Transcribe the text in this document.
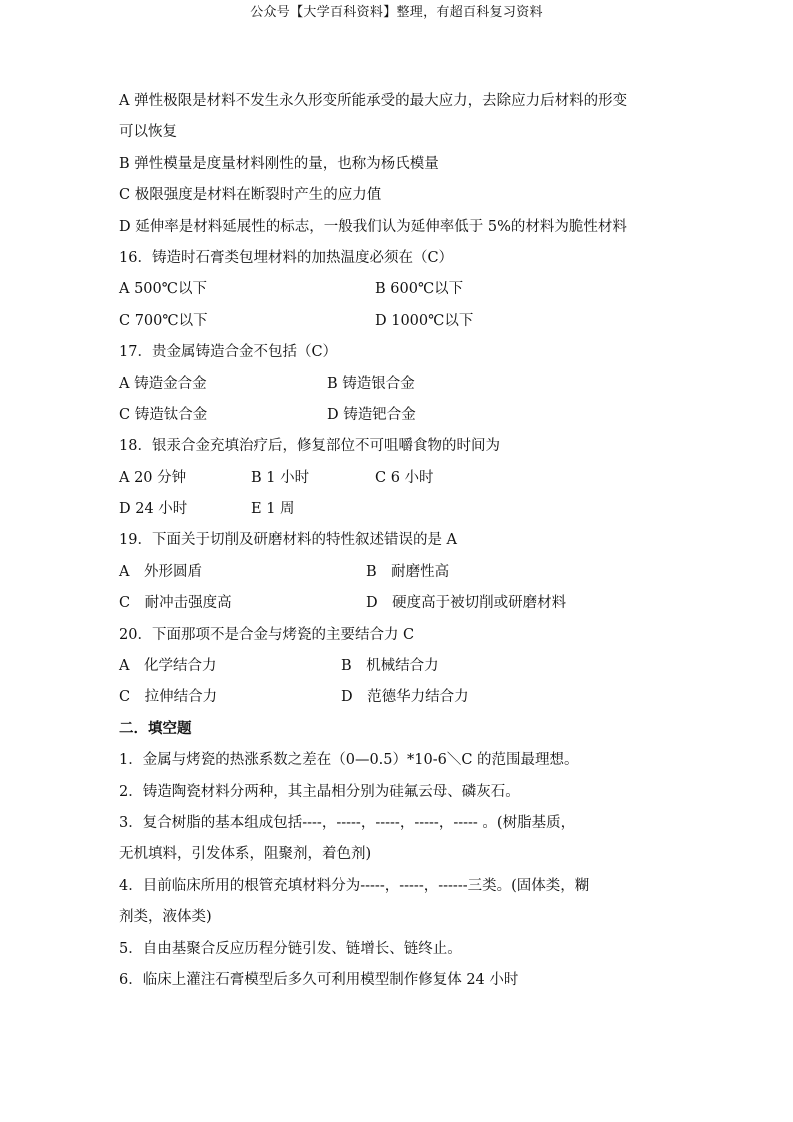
公众号【大学百科资料】整理，有超百科复习资料
A 弹性极限是材料不发生永久形变所能承受的最大应力，去除应力后材料的形变
可以恢复
B 弹性模量是度量材料刚性的量，也称为杨氏模量
C 极限强度是材料在断裂时产生的应力值
D 延伸率是材料延展性的标志，一般我们认为延伸率低于 5%的材料为脆性材料
16．铸造时石膏类包埋材料的加热温度必须在（C）
A 500℃以下	B 600℃以下
C 700℃以下	D 1000℃以下
17．贵金属铸造合金不包括（C）
A 铸造金合金	B 铸造银合金
C 铸造钛合金	D 铸造钯合金
18．银汞合金充填治疗后，修复部位不可咀嚼食物的时间为
A 20 分钟	B 1 小时	C 6 小时
D 24 小时	E 1 周
19．下面关于切削及研磨材料的特性叙述错误的是 A
A　外形圆盾	B　耐磨性高
C　耐冲击强度高	D　硬度高于被切削或研磨材料
20．下面那项不是合金与烤瓷的主要结合力 C
A　化学结合力	B　机械结合力
C　拉伸结合力	D　范德华力结合力
二．填空题
1．金属与烤瓷的热涨系数之差在（0—0.5）*10-6＼C 的范围最理想。
2．铸造陶瓷材料分两种，其主晶相分别为硅氟云母、磷灰石。
3．复合树脂的基本组成包括----，-----，-----，-----，----- 。(树脂基质，
无机填料，引发体系，阻聚剂，着色剂)
4．目前临床所用的根管充填材料分为-----，-----，------三类。(固体类，糊
剂类，液体类)
5．自由基聚合反应历程分链引发、链增长、链终止。
6．临床上灌注石膏模型后多久可利用模型制作修复体 24 小时
